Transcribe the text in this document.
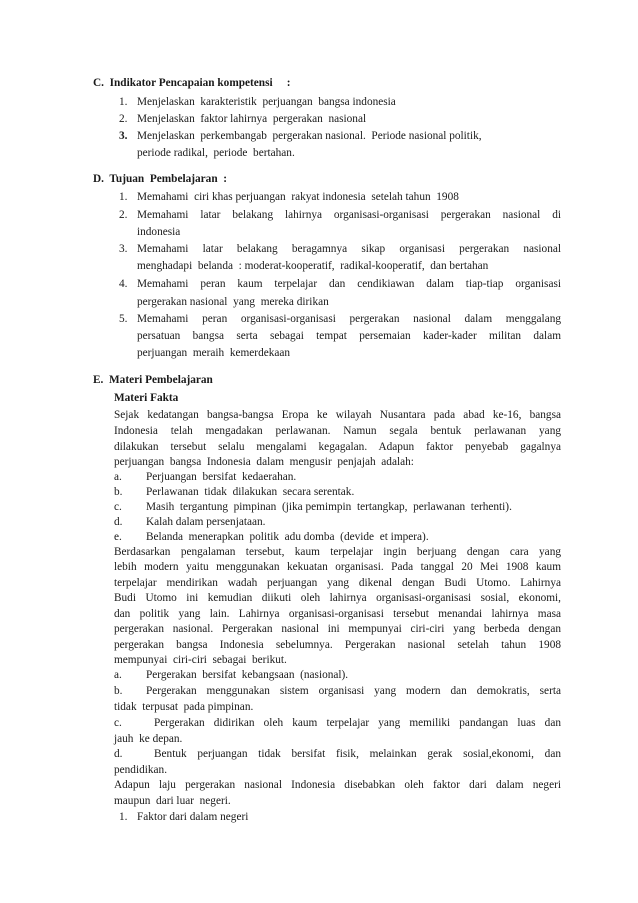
C.  Indikator Pencapaian kompetensi     :
1. Menjelaskan  karakteristik  perjuangan  bangsa indonesia
2. Menjelaskan  faktor lahirnya  pergerakan  nasional
3. Menjelaskan  perkembangab  pergerakan nasional.  Periode nasional politik,
periode radikal,  periode  bertahan.
D.  Tujuan  Pembelajaran  :
1. Memahami  ciri khas perjuangan  rakyat indonesia  setelah tahun  1908
2. Memahami latar belakang lahirnya organisasi-organisasi pergerakan nasional di
indonesia
3. Memahami latar belakang beragamnya sikap organisasi pergerakan nasional
menghadapi  belanda  : moderat-kooperatif,  radikal-kooperatif,  dan bertahan
4. Memahami peran kaum terpelajar dan cendikiawan dalam tiap-tiap organisasi
pergerakan nasional  yang  mereka dirikan
5. Memahami peran organisasi-organisasi pergerakan nasional dalam menggalang
persatuan bangsa serta sebagai tempat persemaian kader-kader militan dalam
perjuangan  meraih  kemerdekaan
E.  Materi Pembelajaran
Materi Fakta
Sejak kedatangan bangsa-bangsa Eropa ke wilayah Nusantara pada abad ke-16, bangsa
Indonesia telah mengadakan perlawanan. Namun segala bentuk perlawanan yang
dilakukan tersebut selalu mengalami kegagalan. Adapun faktor penyebab gagalnya
perjuangan  bangsa  Indonesia  dalam  mengusir  penjajah  adalah:
a. Perjuangan  bersifat  kedaerahan.
b. Perlawanan  tidak  dilakukan  secara serentak.
c. Masih  tergantung  pimpinan  (jika pemimpin  tertangkap,  perlawanan  terhenti).
d. Kalah dalam persenjataan.
e. Belanda  menerapkan  politik  adu domba  (devide  et impera).
Berdasarkan pengalaman tersebut, kaum terpelajar ingin berjuang dengan cara yang
lebih modern yaitu menggunakan kekuatan organisasi. Pada tanggal 20 Mei 1908 kaum
terpelajar mendirikan wadah perjuangan yang dikenal dengan Budi Utomo. Lahirnya
Budi Utomo ini kemudian diikuti oleh lahirnya organisasi-organisasi sosial, ekonomi,
dan politik yang lain. Lahirnya organisasi-organisasi tersebut menandai lahirnya masa
pergerakan nasional. Pergerakan nasional ini mempunyai ciri-ciri yang berbeda dengan
pergerakan bangsa Indonesia sebelumnya. Pergerakan nasional setelah tahun 1908
mempunyai  ciri-ciri  sebagai  berikut.
a. Pergerakan  bersifat  kebangsaan  (nasional).
b. Pergerakan menggunakan sistem organisasi yang modern dan demokratis, serta
tidak  terpusat  pada pimpinan.
c.	Pergerakan didirikan oleh kaum terpelajar yang memiliki pandangan luas dan
jauh  ke depan.
d.	Bentuk perjuangan tidak bersifat fisik, melainkan gerak sosial,ekonomi, dan
pendidikan.
Adapun laju pergerakan nasional Indonesia disebabkan oleh faktor dari dalam negeri
maupun  dari luar  negeri.
1. Faktor dari dalam negeri
